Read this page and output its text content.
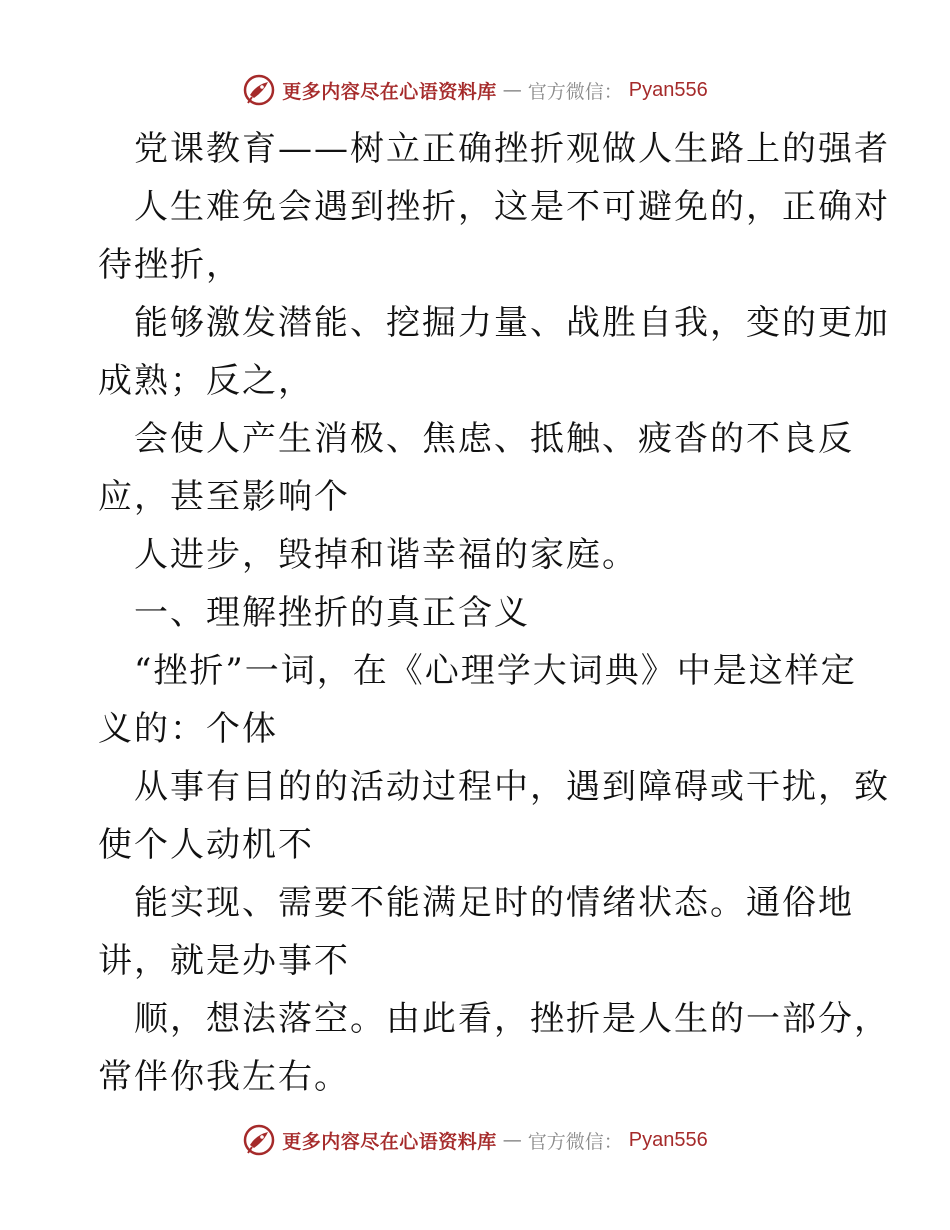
更多内容尽在心语资料库 — 官方微信： Pyan556
党课教育——树立正确挫折观做人生路上的强者
人生难免会遇到挫折，这是不可避免的，正确对
待挫折，
能够激发潜能、挖掘力量、战胜自我，变的更加
成熟；反之，
会使人产生消极、焦虑、抵触、疲沓的不良反
应，甚至影响个
人进步，毁掉和谐幸福的家庭。
一、理解挫折的真正含义
“挫折”一词，在《心理学大词典》中是这样定
义的：个体
从事有目的的活动过程中，遇到障碍或干扰，致
使个人动机不
能实现、需要不能满足时的情绪状态。通俗地
讲，就是办事不
顺，想法落空。由此看，挫折是人生的一部分，
常伴你我左右。
更多内容尽在心语资料库 — 官方微信： Pyan556
